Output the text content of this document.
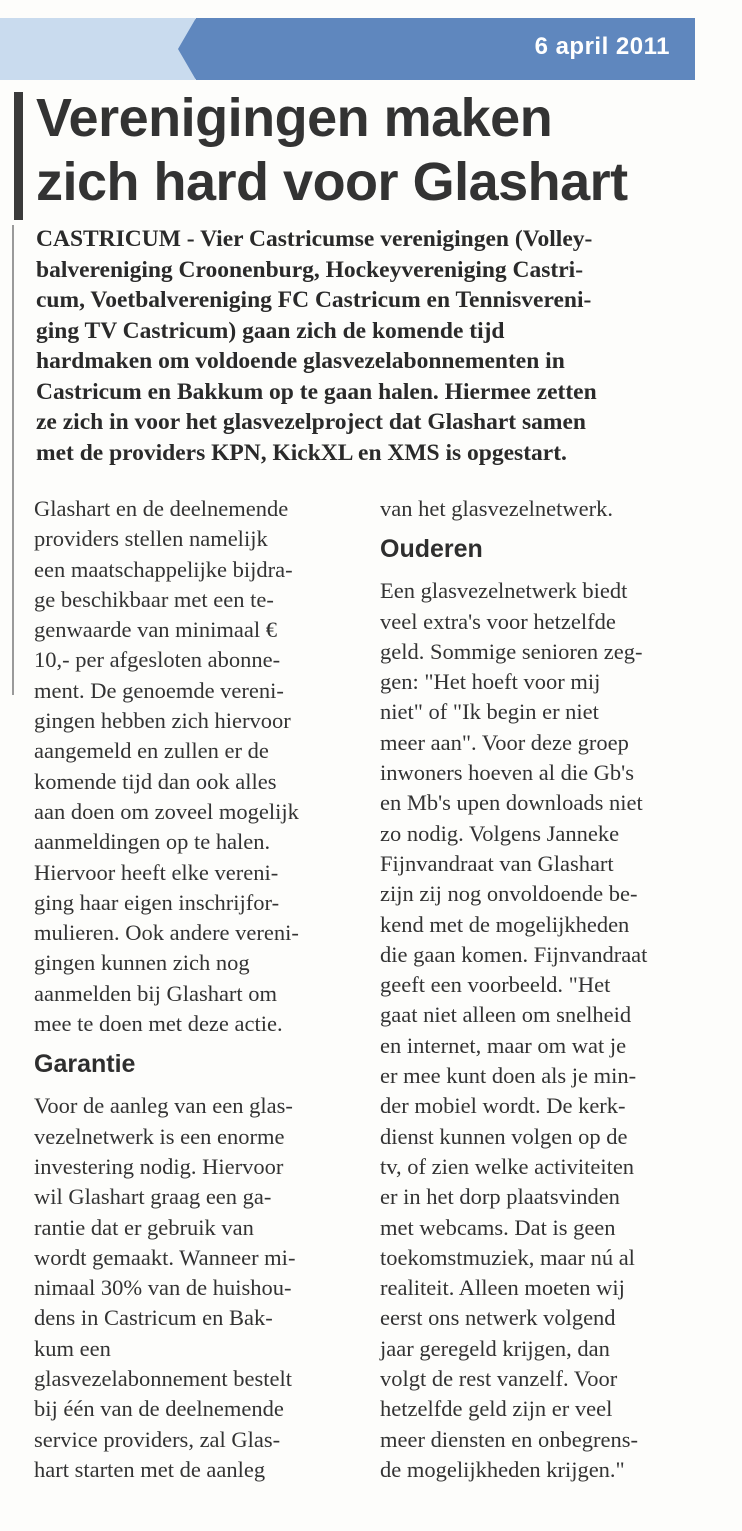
6 april 2011
Verenigingen maken
zich hard voor Glashart
CASTRICUM - Vier Castricumse verenigingen (Volley-
balvereniging Croonenburg, Hockeyvereniging Castri-
cum, Voetbalvereniging FC Castricum en Tennisvereni-
ging TV Castricum) gaan zich de komende tijd
hardmaken om voldoende glasvezelabonnementen in
Castricum en Bakkum op te gaan halen. Hiermee zetten
ze zich in voor het glasvezelproject dat Glashart samen
met de providers KPN, KickXL en XMS is opgestart.

Glashart en de deelnemende
providers stellen namelijk
een maatschappelijke bijdra-
ge beschikbaar met een te-
genwaarde van minimaal €
10,- per afgesloten abonne-
ment. De genoemde vereni-
gingen hebben zich hiervoor
aangemeld en zullen er de
komende tijd dan ook alles
aan doen om zoveel mogelijk
aanmeldingen op te halen.
Hiervoor heeft elke vereni-
ging haar eigen inschrijfor-
mulieren. Ook andere vereni-
gingen kunnen zich nog
aanmelden bij Glashart om
mee te doen met deze actie.

Garantie

Voor de aanleg van een glas-
vezelnetwerk is een enorme
investering nodig. Hiervoor
wil Glashart graag een ga-
rantie dat er gebruik van
wordt gemaakt. Wanneer mi-
nimaal 30% van de huishou-
dens in Castricum en Bak-
kum een
glasvezelabonnement bestelt
bij één van de deelnemende
service providers, zal Glas-
hart starten met de aanleg

van het glasvezelnetwerk.

Ouderen

Een glasvezelnetwerk biedt
veel extra's voor hetzelfde
geld. Sommige senioren zeg-
gen: "Het hoeft voor mij
niet" of "Ik begin er niet
meer aan". Voor deze groep
inwoners hoeven al die Gb's
en Mb's upen downloads niet
zo nodig. Volgens Janneke
Fijnvandraat van Glashart
zijn zij nog onvoldoende be-
kend met de mogelijkheden
die gaan komen. Fijnvandraat
geeft een voorbeeld. "Het
gaat niet alleen om snelheid
en internet, maar om wat je
er mee kunt doen als je min-
der mobiel wordt. De kerk-
dienst kunnen volgen op de
tv, of zien welke activiteiten
er in het dorp plaatsvinden
met webcams. Dat is geen
toekomstmuziek, maar nú al
realiteit. Alleen moeten wij
eerst ons netwerk volgend
jaar geregeld krijgen, dan
volgt de rest vanzelf. Voor
hetzelfde geld zijn er veel
meer diensten en onbegrens-
de mogelijkheden krijgen."
